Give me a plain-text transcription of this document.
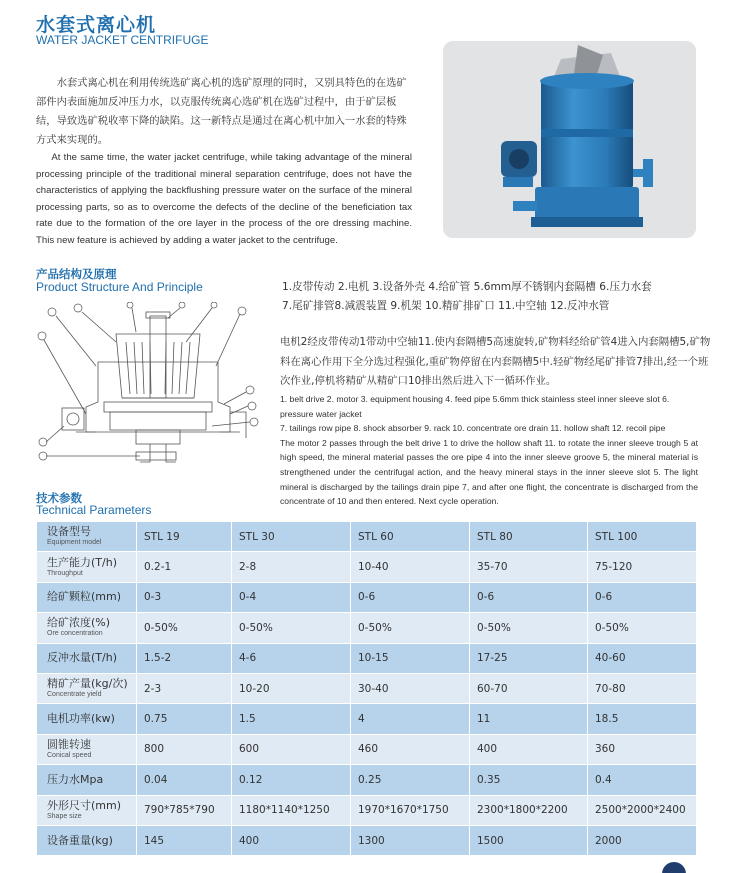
水套式离心机
WATER JACKET CENTRIFUGE

水套式离心机在利用传统选矿离心机的选矿原理的同时，又别具特色的在选矿部件内表面施加反冲压力水，以克服传统离心选矿机在选矿过程中，由于矿层板结，导致选矿税收率下降的缺陷。这一新特点是通过在离心机中加入一水套的特殊方式来实现的。

At the same time, the water jacket centrifuge, while taking advantage of the mineral processing principle of the traditional mineral separation centrifuge, does not have the characteristics of applying the backflushing pressure water on the surface of the mineral processing parts, so as to overcome the defects of the decline of the beneficiation tax rate due to the formation of the ore layer in the process of the ore dressing machine. This new feature is achieved by adding a water jacket to the centrifuge.

产品结构及原理
Product Structure And Principle	1.皮带传动 2.电机 3.设备外壳 4.给矿管 5.6mm厚不锈钢内套隔槽 6.压力水套
7.尾矿排管8.减震装置 9.机架 10.精矿排矿口 11.中空轴 12.反冲水管
电机2经皮带传动1带动中空轴11.使内套隔槽5高速旋转,矿物料经给矿管4进入内套隔槽5,矿物料在离心作用下全分选过程强化,重矿物停留在内套隔槽5中.轻矿物经尾矿排管7排出,经一个班次作业,停机将精矿从精矿口10排出然后进入下一循环作业。
1. belt drive 2. motor 3. equipment housing 4. feed pipe 5.6mm thick stainless steel inner sleeve slot 6. pressure water jacket
7. tailings row pipe 8. shock absorber 9. rack 10. concentrate ore drain 11. hollow shaft 12. recoil pipe
The motor 2 passes through the belt drive 1 to drive the hollow shaft 11. to rotate the inner sleeve trough 5 at high speed, the mineral material passes the ore pipe 4 into the inner sleeve groove 5, the mineral material is strengthened under the centrifugal action, and the heavy mineral stays in the inner sleeve slot 5. The light mineral is discharged by the tailings drain pipe 7, and after one flight, the concentrate is discharged from the concentrate of 10 and then entered. Next cycle operation.
技术参数
Technical Parameters
设备型号
Equipment model	STL 19	STL 30	STL 60	STL 80	STL 100

生产能力(T/h)
Throughput	0.2-1	2-8	10-40	35-70	75-120

给矿颗粒(mm)	0-3	0-4	0-6	0-6	0-6

给矿浓度(%)
Ore concentration	0-50%	0-50%	0-50%	0-50%	0-50%

反冲水量(T/h)	1.5-2	4-6	10-15	17-25	40-60

精矿产量(kg/次)
Concentrate yield	2-3	10-20	30-40	60-70	70-80

电机功率(kw)	0.75	1.5	4	11	18.5

圆锥转速
Conical speed	800	600	460	400	360

压力水Mpa	0.04	0.12	0.25	0.35	0.4

外形尺寸(mm)
Shape size	790*785*790	1180*1140*1250	1970*1670*1750	2300*1800*2200	2500*2000*2400

设备重量(kg)	145	400	1300	1500	2000
